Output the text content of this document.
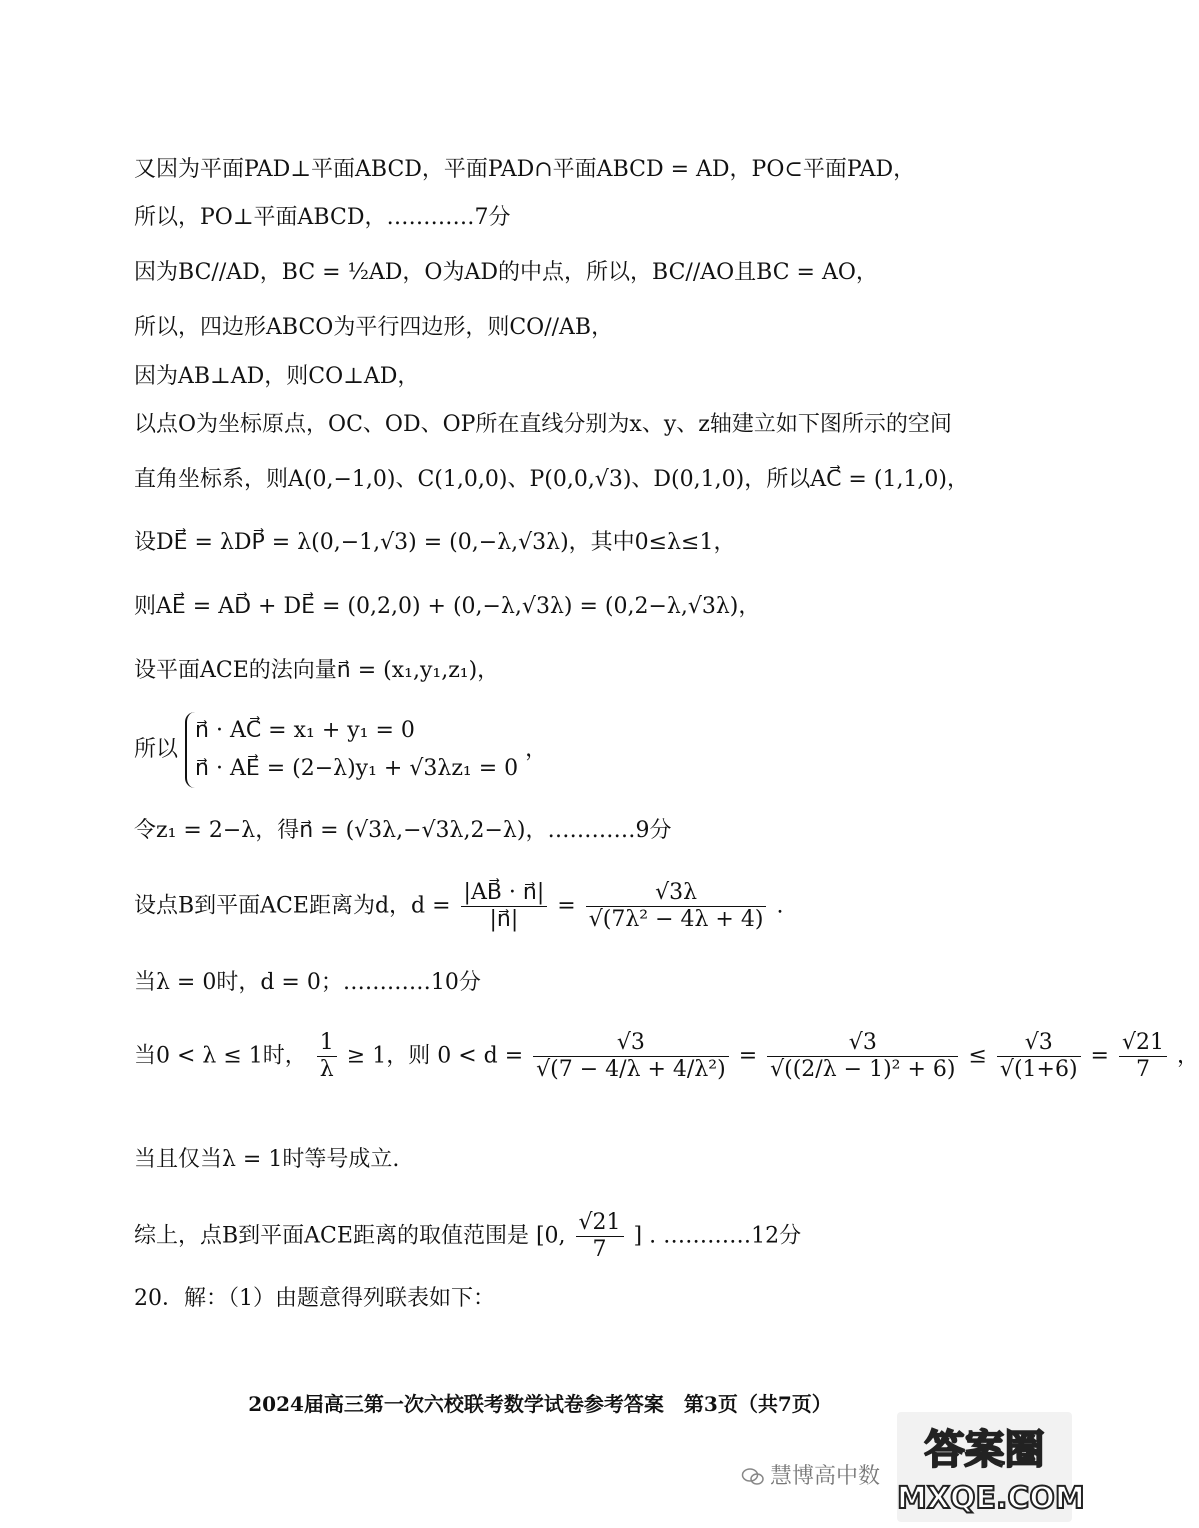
又因为平面PAD⊥平面ABCD，平面PAD∩平面ABCD = AD，PO⊂平面PAD，
所以，PO⊥平面ABCD，…………7分
因为BC//AD，BC = ½AD，O为AD的中点，所以，BC//AO且BC = AO，
所以，四边形ABCO为平行四边形，则CO//AB，
因为AB⊥AD，则CO⊥AD，
以点O为坐标原点，OC、OD、OP所在直线分别为x、y、z轴建立如下图所示的空间
直角坐标系，则A(0,−1,0)、C(1,0,0)、P(0,0,√3)、D(0,1,0)，所以AC⃗ = (1,1,0)，
设DE⃗ = λDP⃗ = λ(0,−1,√3) = (0,−λ,√3λ)，其中0≤λ≤1，
则AE⃗ = AD⃗ + DE⃗ = (0,2,0) + (0,−λ,√3λ) = (0,2−λ,√3λ)，
设平面ACE的法向量n⃗ = (x₁,y₁,z₁)，
所以
n⃗ · AC⃗ = x₁ + y₁ = 0
n⃗ · AE⃗ = (2−λ)y₁ + √3λz₁ = 0
，
令z₁ = 2−λ，得n⃗ = (√3λ,−√3λ,2−λ)，…………9分
设点B到平面ACE距离为d，$d = \frac{|AB⃗ \cdot n⃗|}{|n⃗|} = \frac{√3\lambda}{\text{√(7λ² − 4λ + 4)}}$ .
当λ = 0时，d = 0；…………10分
当0 < λ ≤ 1时， $\frac{1}{\lambda} \ge 1$，则 $0 < d = \frac{√3}{\text{√(7 − 4/λ + 4/λ²)}} = \frac{√3}{\text{√((2/λ − 1)² + 6)}} \le \frac{√3}{√(1+6)} = \frac{√21}{7}$ ，
当且仅当λ = 1时等号成立.
综上，点B到平面ACE距离的取值范围是 [0, $\frac{√21}{7}$ ] . …………12分
20．解：（1）由题意得列联表如下：
2024届高三第一次六校联考数学试卷参考答案　第3页（共7页）
慧博高中数
答案圈
MXQE.COM
